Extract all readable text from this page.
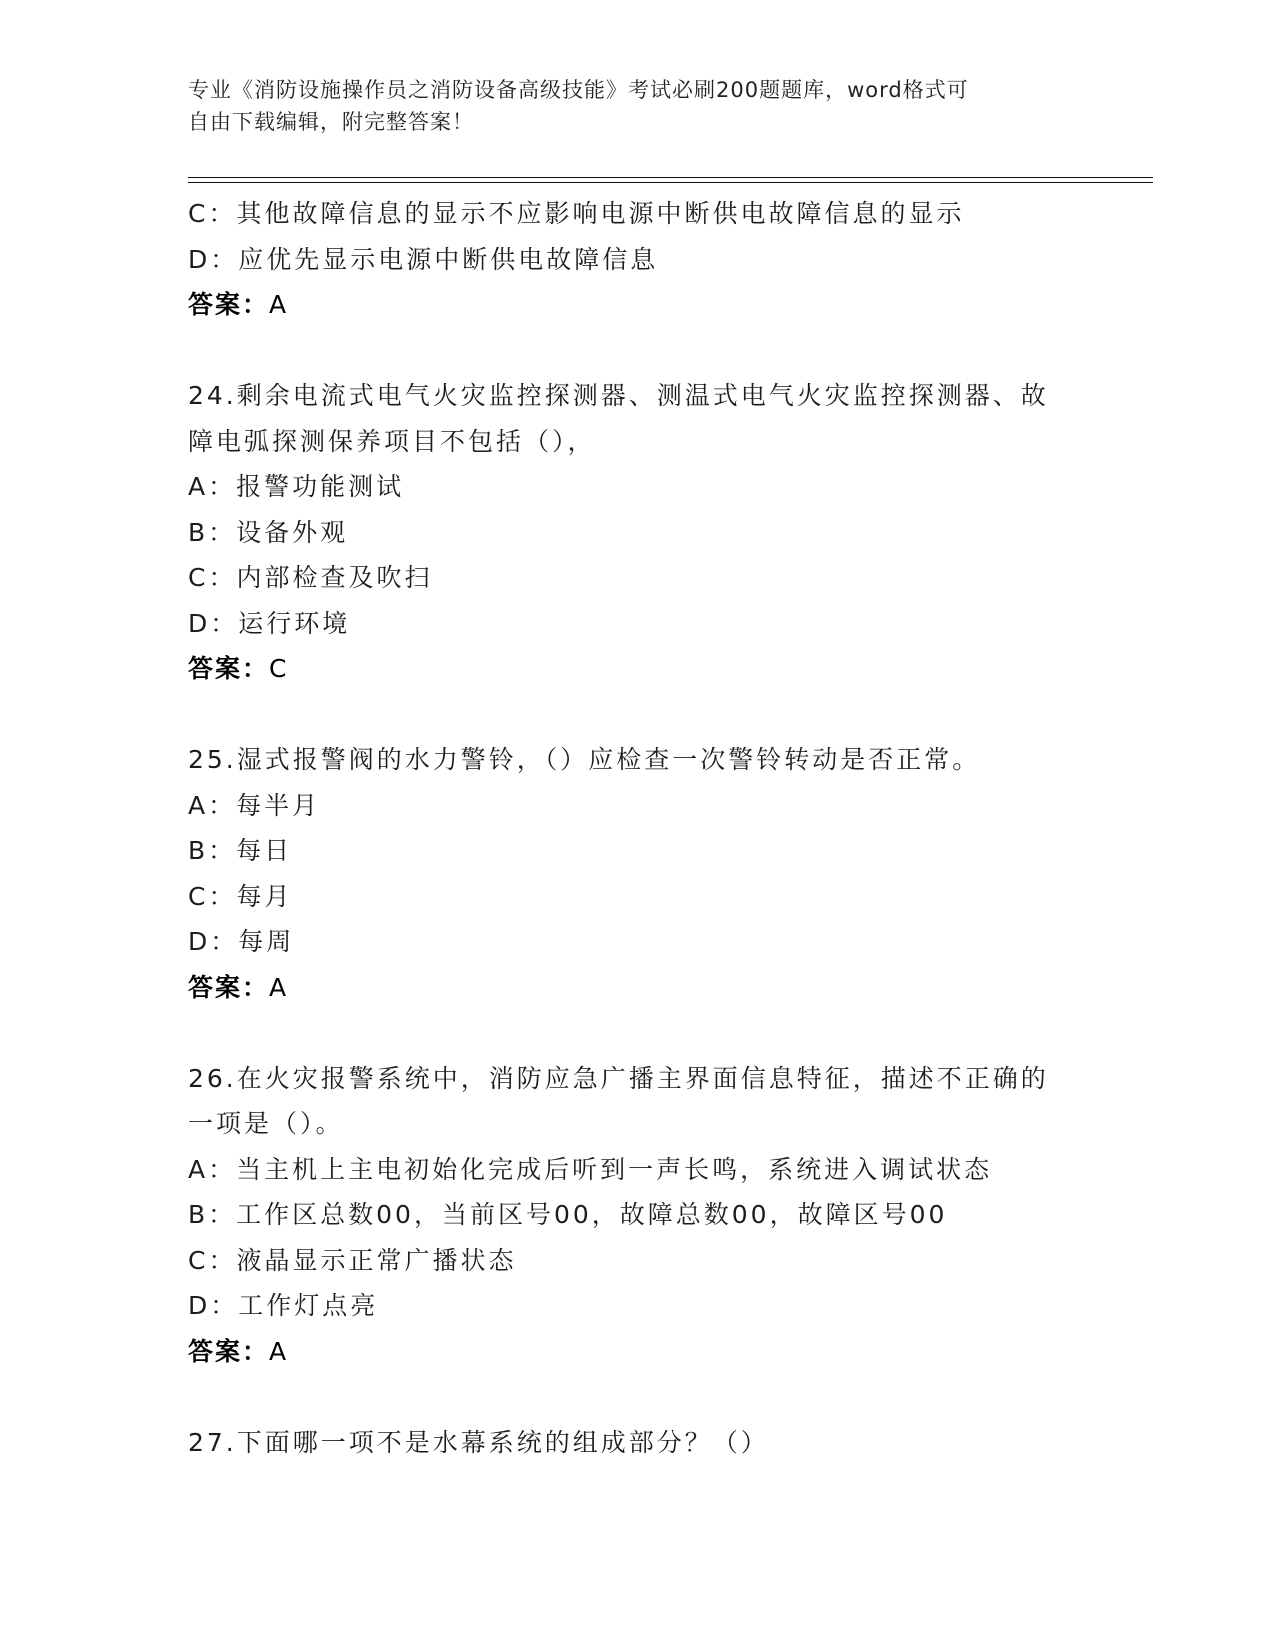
专业《消防设施操作员之消防设备高级技能》考试必刷200题题库，word格式可
自由下载编辑，附完整答案！
C：其他故障信息的显示不应影响电源中断供电故障信息的显示
D：应优先显示电源中断供电故障信息
答案：A
24.剩余电流式电气火灾监控探测器、测温式电气火灾监控探测器、故
障电弧探测保养项目不包括（），
A：报警功能测试
B：设备外观
C：内部检查及吹扫
D：运行环境
答案：C
25.湿式报警阀的水力警铃，（）应检查一次警铃转动是否正常。
A：每半月
B：每日
C：每月
D：每周
答案：A
26.在火灾报警系统中，消防应急广播主界面信息特征，描述不正确的
一项是（）。
A：当主机上主电初始化完成后听到一声长鸣，系统进入调试状态
B：工作区总数00，当前区号00，故障总数00，故障区号00
C：液晶显示正常广播状态
D：工作灯点亮
答案：A
27.下面哪一项不是水幕系统的组成部分？（）
